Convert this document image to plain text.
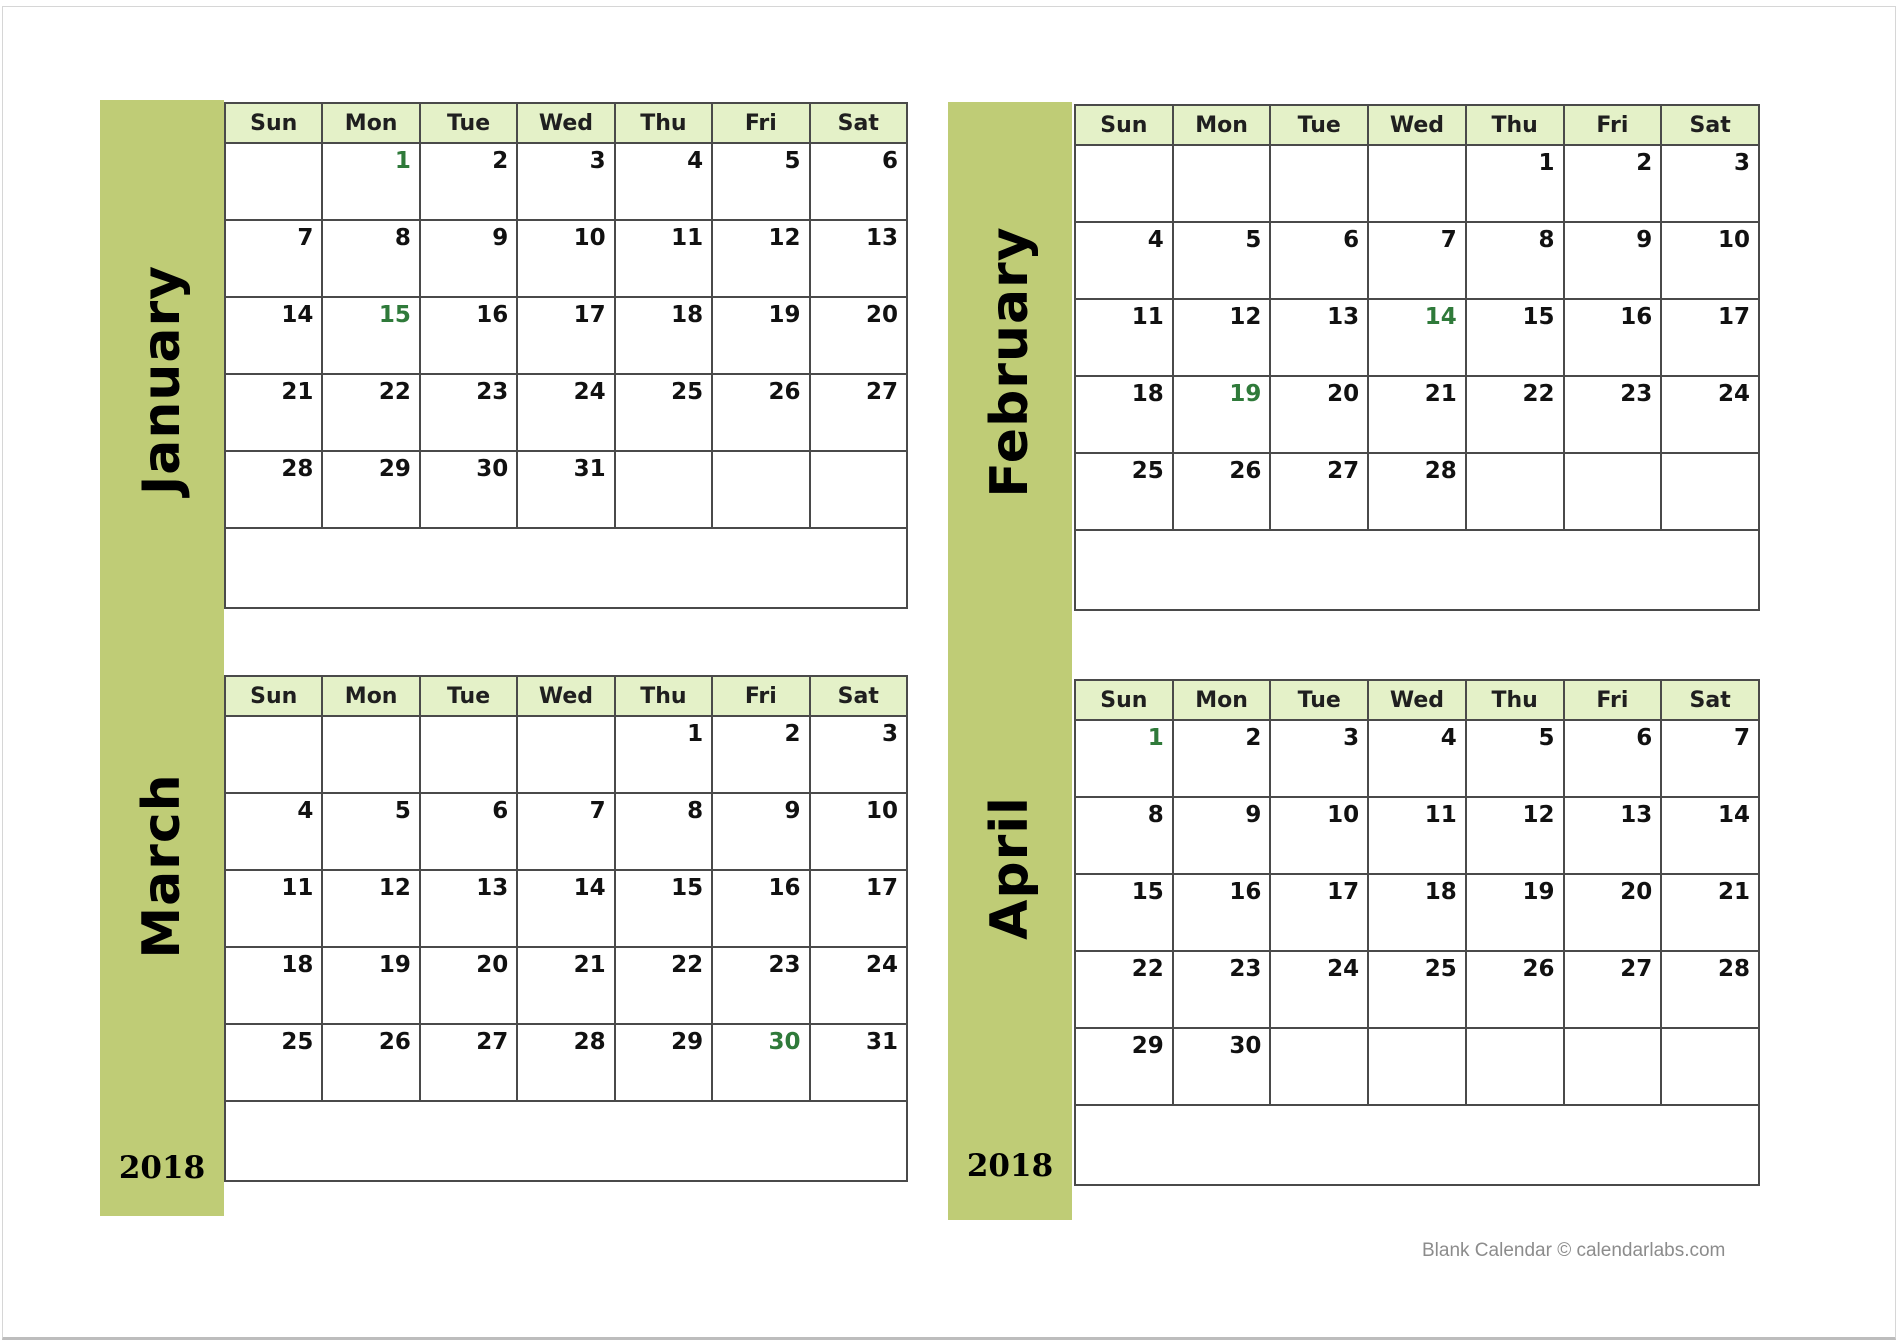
January
March
2018
February
April
2018
Sun	Mon	Tue	Wed	Thu	Fri	Sat
	1	2	3	4	5	6
7	8	9	10	11	12	13
14	15	16	17	18	19	20
21	22	23	24	25	26	27
28	29	30	31			

Sun	Mon	Tue	Wed	Thu	Fri	Sat
				1	2	3
4	5	6	7	8	9	10
11	12	13	14	15	16	17
18	19	20	21	22	23	24
25	26	27	28			

Sun	Mon	Tue	Wed	Thu	Fri	Sat
				1	2	3
4	5	6	7	8	9	10
11	12	13	14	15	16	17
18	19	20	21	22	23	24
25	26	27	28	29	30	31

Sun	Mon	Tue	Wed	Thu	Fri	Sat
1	2	3	4	5	6	7
8	9	10	11	12	13	14
15	16	17	18	19	20	21
22	23	24	25	26	27	28
29	30					

Blank Calendar © calendarlabs.com
